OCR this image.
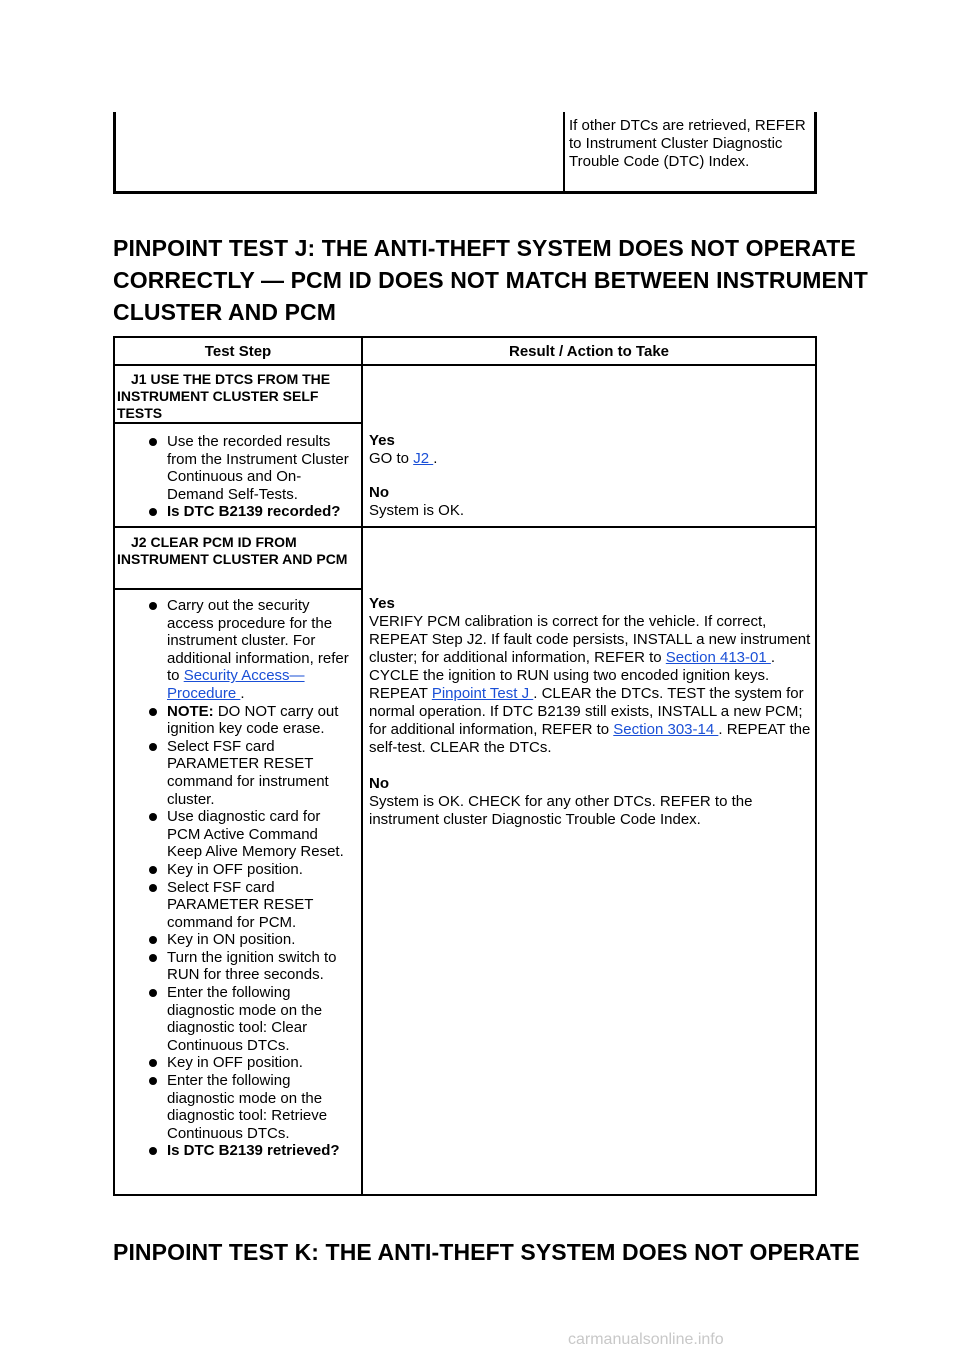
If other DTCs are retrieved, REFER to Instrument Cluster Diagnostic Trouble Code (DTC) Index.
PINPOINT TEST J: THE ANTI-THEFT SYSTEM DOES NOT OPERATE CORRECTLY — PCM ID DOES NOT MATCH BETWEEN INSTRUMENT CLUSTER AND PCM
Test Step	Result / Action to Take
J1 USE THE DTCS FROM THE INSTRUMENT CLUSTER SELF TESTS
Use the recorded results from the Instrument Cluster Continuous and On-Demand Self-Tests.
Is DTC B2139 recorded?
Yes
GO to J2 .
No
System is OK.
J2 CLEAR PCM ID FROM INSTRUMENT CLUSTER AND PCM
Carry out the security access procedure for the instrument cluster. For additional information, refer to Security Access—Procedure .
NOTE: DO NOT carry out ignition key code erase.
Select FSF card PARAMETER RESET command for instrument cluster.
Use diagnostic card for PCM Active Command Keep Alive Memory Reset.
Key in OFF position.
Select FSF card PARAMETER RESET command for PCM.
Key in ON position.
Turn the ignition switch to RUN for three seconds.
Enter the following diagnostic mode on the diagnostic tool: Clear Continuous DTCs.
Key in OFF position.
Enter the following diagnostic mode on the diagnostic tool: Retrieve Continuous DTCs.
Is DTC B2139 retrieved?
Yes
VERIFY PCM calibration is correct for the vehicle. If correct, REPEAT Step J2. If fault code persists, INSTALL a new instrument cluster; for additional information, REFER to Section 413-01 . CYCLE the ignition to RUN using two encoded ignition keys. REPEAT Pinpoint Test J . CLEAR the DTCs. TEST the system for normal operation. If DTC B2139 still exists, INSTALL a new PCM; for additional information, REFER to Section 303-14 . REPEAT the self-test. CLEAR the DTCs.
No
System is OK. CHECK for any other DTCs. REFER to the instrument cluster Diagnostic Trouble Code Index.
PINPOINT TEST K: THE ANTI-THEFT SYSTEM DOES NOT OPERATE
carmanualsonline.info
